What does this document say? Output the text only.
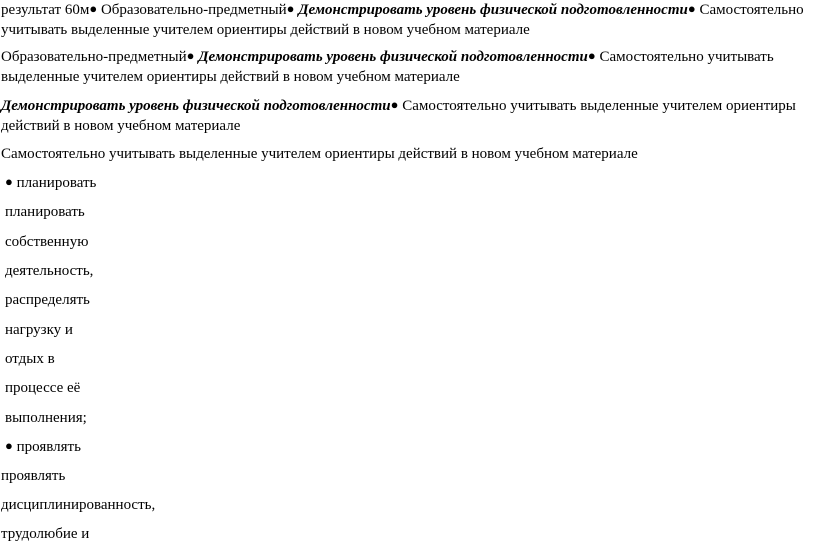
результат 60м● Образовательно-предметный● Демонстрировать уровень физической подготовленности● Самостоятельно учитывать выделенные учителем ориентиры действий в новом учебном материале

Образовательно-предметный● Демонстрировать уровень физической подготовленности● Самостоятельно учитывать выделенные учителем ориентиры действий в новом учебном материале

Демонстрировать уровень физической подготовленности● Самостоятельно учитывать выделенные учителем ориентиры действий в новом учебном материале

Самостоятельно учитывать выделенные учителем ориентиры действий в новом учебном материале

● планировать

планировать

собственную

деятельность,

распределять

нагрузку и

отдых в

процессе её

выполнения;

● проявлять

проявлять

дисциплинированность,

трудолюбие и
